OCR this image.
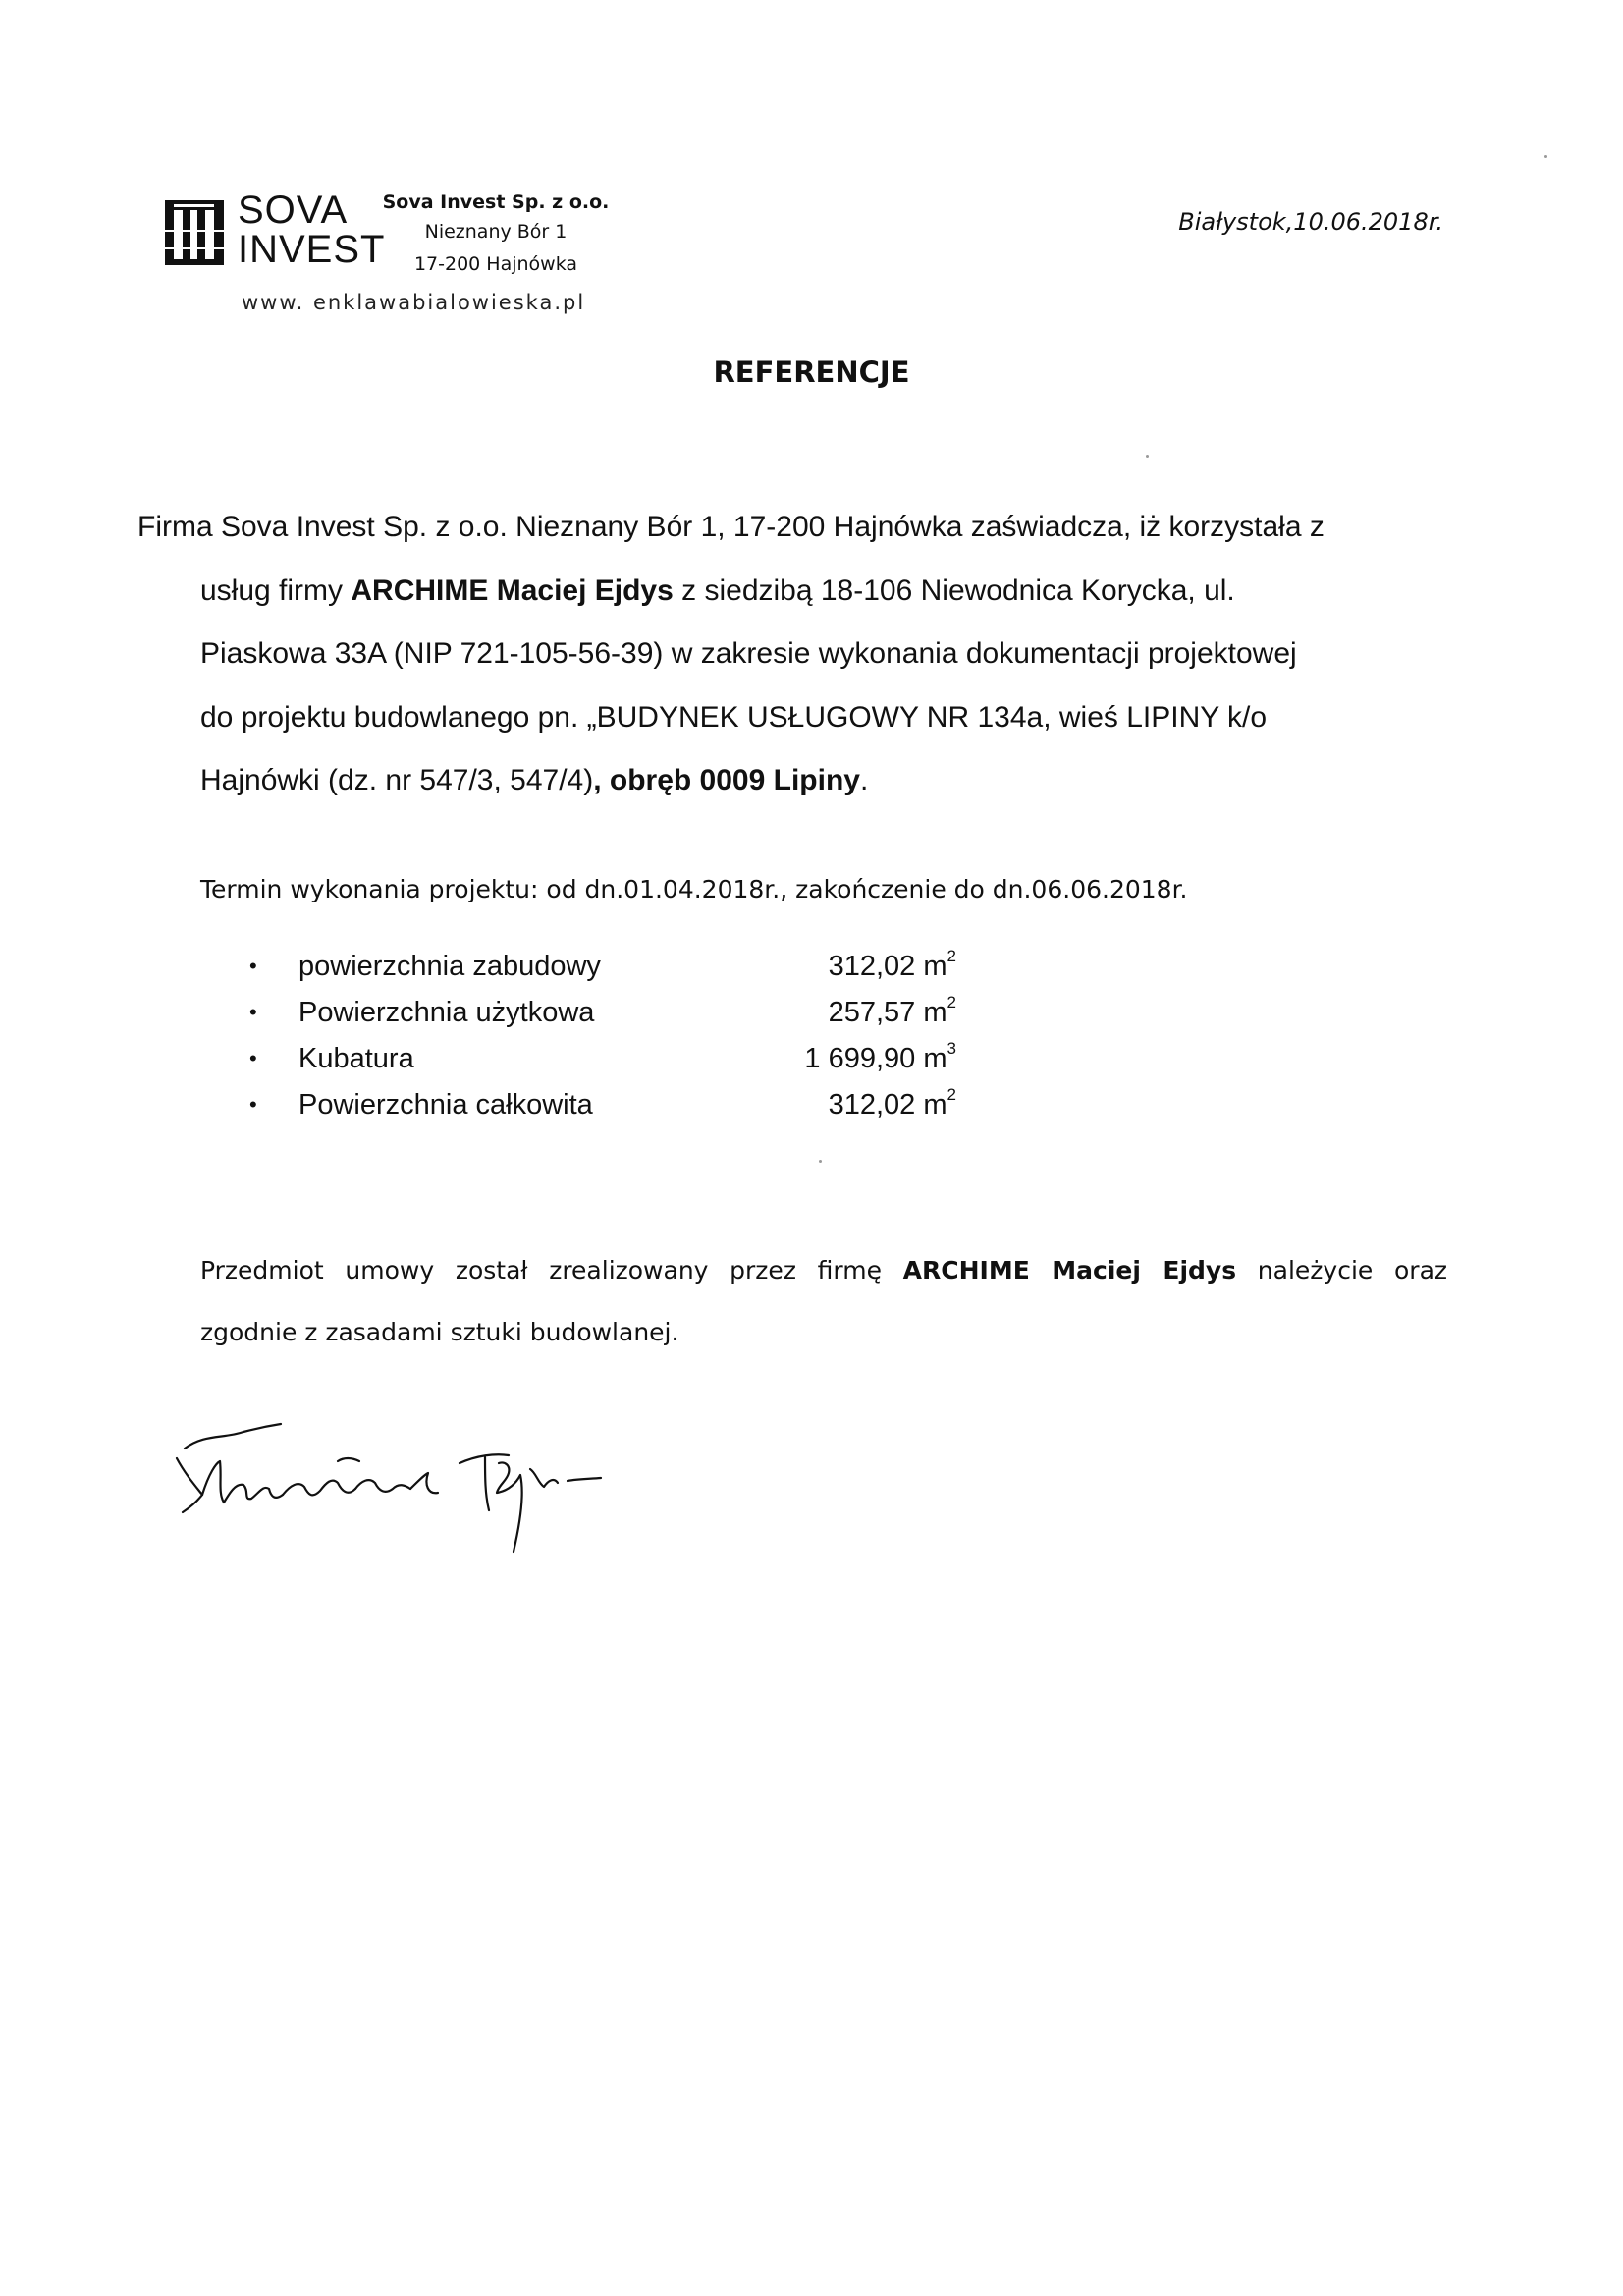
SOVA
INVEST
Sova Invest Sp. z o.o.
Nieznany Bór 1
17-200 Hajnówka
www. enklawabialowieska.pl
Białystok,10.06.2018r.
REFERENCJE
Firma Sova Invest Sp. z o.o. Nieznany Bór 1, 17-200 Hajnówka zaświadcza, iż korzystała z
usług firmy ARCHIME Maciej Ejdys z siedzibą 18-106 Niewodnica Korycka, ul.
Piaskowa 33A (NIP 721-105-56-39) w zakresie wykonania dokumentacji projektowej
do projektu budowlanego pn. „BUDYNEK USŁUGOWY NR 134a, wieś LIPINY k/o
Hajnówki (dz. nr 547/3, 547/4), obręb 0009 Lipiny.
Termin wykonania projektu: od dn.01.04.2018r., zakończenie do dn.06.06.2018r.
• powierzchnia zabudowy	312,02 $m^2$
• Powierzchnia użytkowa	257,57 $m^2$
• Kubatura	1 699,90 $m^3$
• Powierzchnia całkowita	312,02 $m^2$
Przedmiot umowy został zrealizowany przez firmę ARCHIME Maciej Ejdys należycie oraz
zgodnie z zasadami sztuki budowlanej.
